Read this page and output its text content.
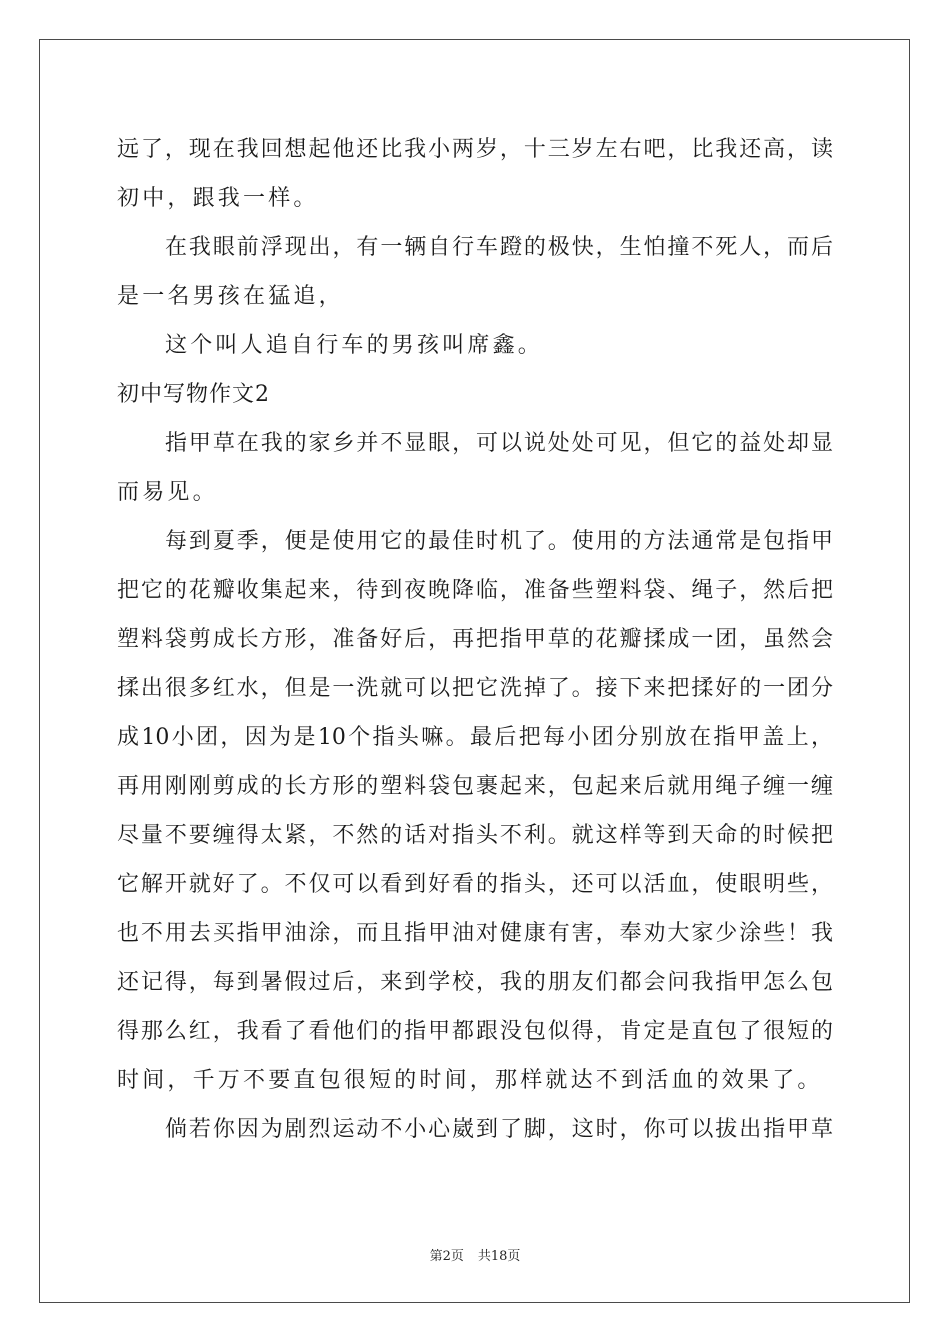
远了，现在我回想起他还比我小两岁，十三岁左右吧，比我还高，读
初中，跟我一样。
在我眼前浮现出，有一辆自行车蹬的极快，生怕撞不死人，而后
是一名男孩在猛追，
这个叫人追自行车的男孩叫席鑫。
初中写物作文2
指甲草在我的家乡并不显眼，可以说处处可见，但它的益处却显
而易见。
每到夏季，便是使用它的最佳时机了。使用的方法通常是包指甲
把它的花瓣收集起来，待到夜晚降临，准备些塑料袋、绳子，然后把
塑料袋剪成长方形，准备好后，再把指甲草的花瓣揉成一团，虽然会
揉出很多红水，但是一洗就可以把它洗掉了。接下来把揉好的一团分
成10小团，因为是10个指头嘛。最后把每小团分别放在指甲盖上，
再用刚刚剪成的长方形的塑料袋包裹起来，包起来后就用绳子缠一缠
尽量不要缠得太紧，不然的话对指头不利。就这样等到天命的时候把
它解开就好了。不仅可以看到好看的指头，还可以活血，使眼明些，
也不用去买指甲油涂，而且指甲油对健康有害，奉劝大家少涂些！我
还记得，每到暑假过后，来到学校，我的朋友们都会问我指甲怎么包
得那么红，我看了看他们的指甲都跟没包似得，肯定是直包了很短的
时间，千万不要直包很短的时间，那样就达不到活血的效果了。
倘若你因为剧烈运动不小心崴到了脚，这时，你可以拔出指甲草
第2页 共18页
